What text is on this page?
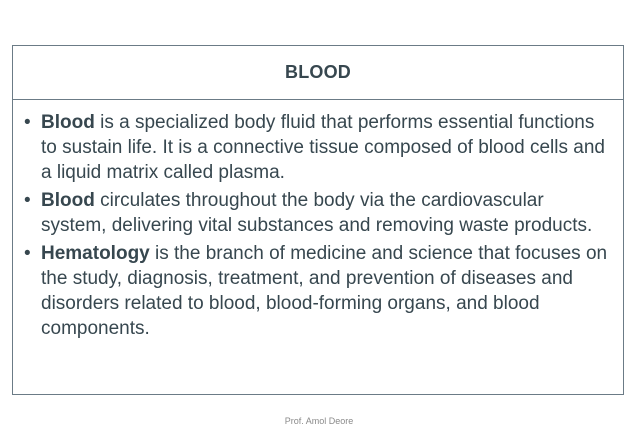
BLOOD
• Blood is a specialized body fluid that performs essential functions to sustain life. It is a connective tissue composed of blood cells and a liquid matrix called plasma.
• Blood circulates throughout the body via the cardiovascular system, delivering vital substances and removing waste products.
• Hematology is the branch of medicine and science that focuses on the study, diagnosis, treatment, and prevention of diseases and disorders related to blood, blood-forming organs, and blood components.
Prof. Amol Deore
